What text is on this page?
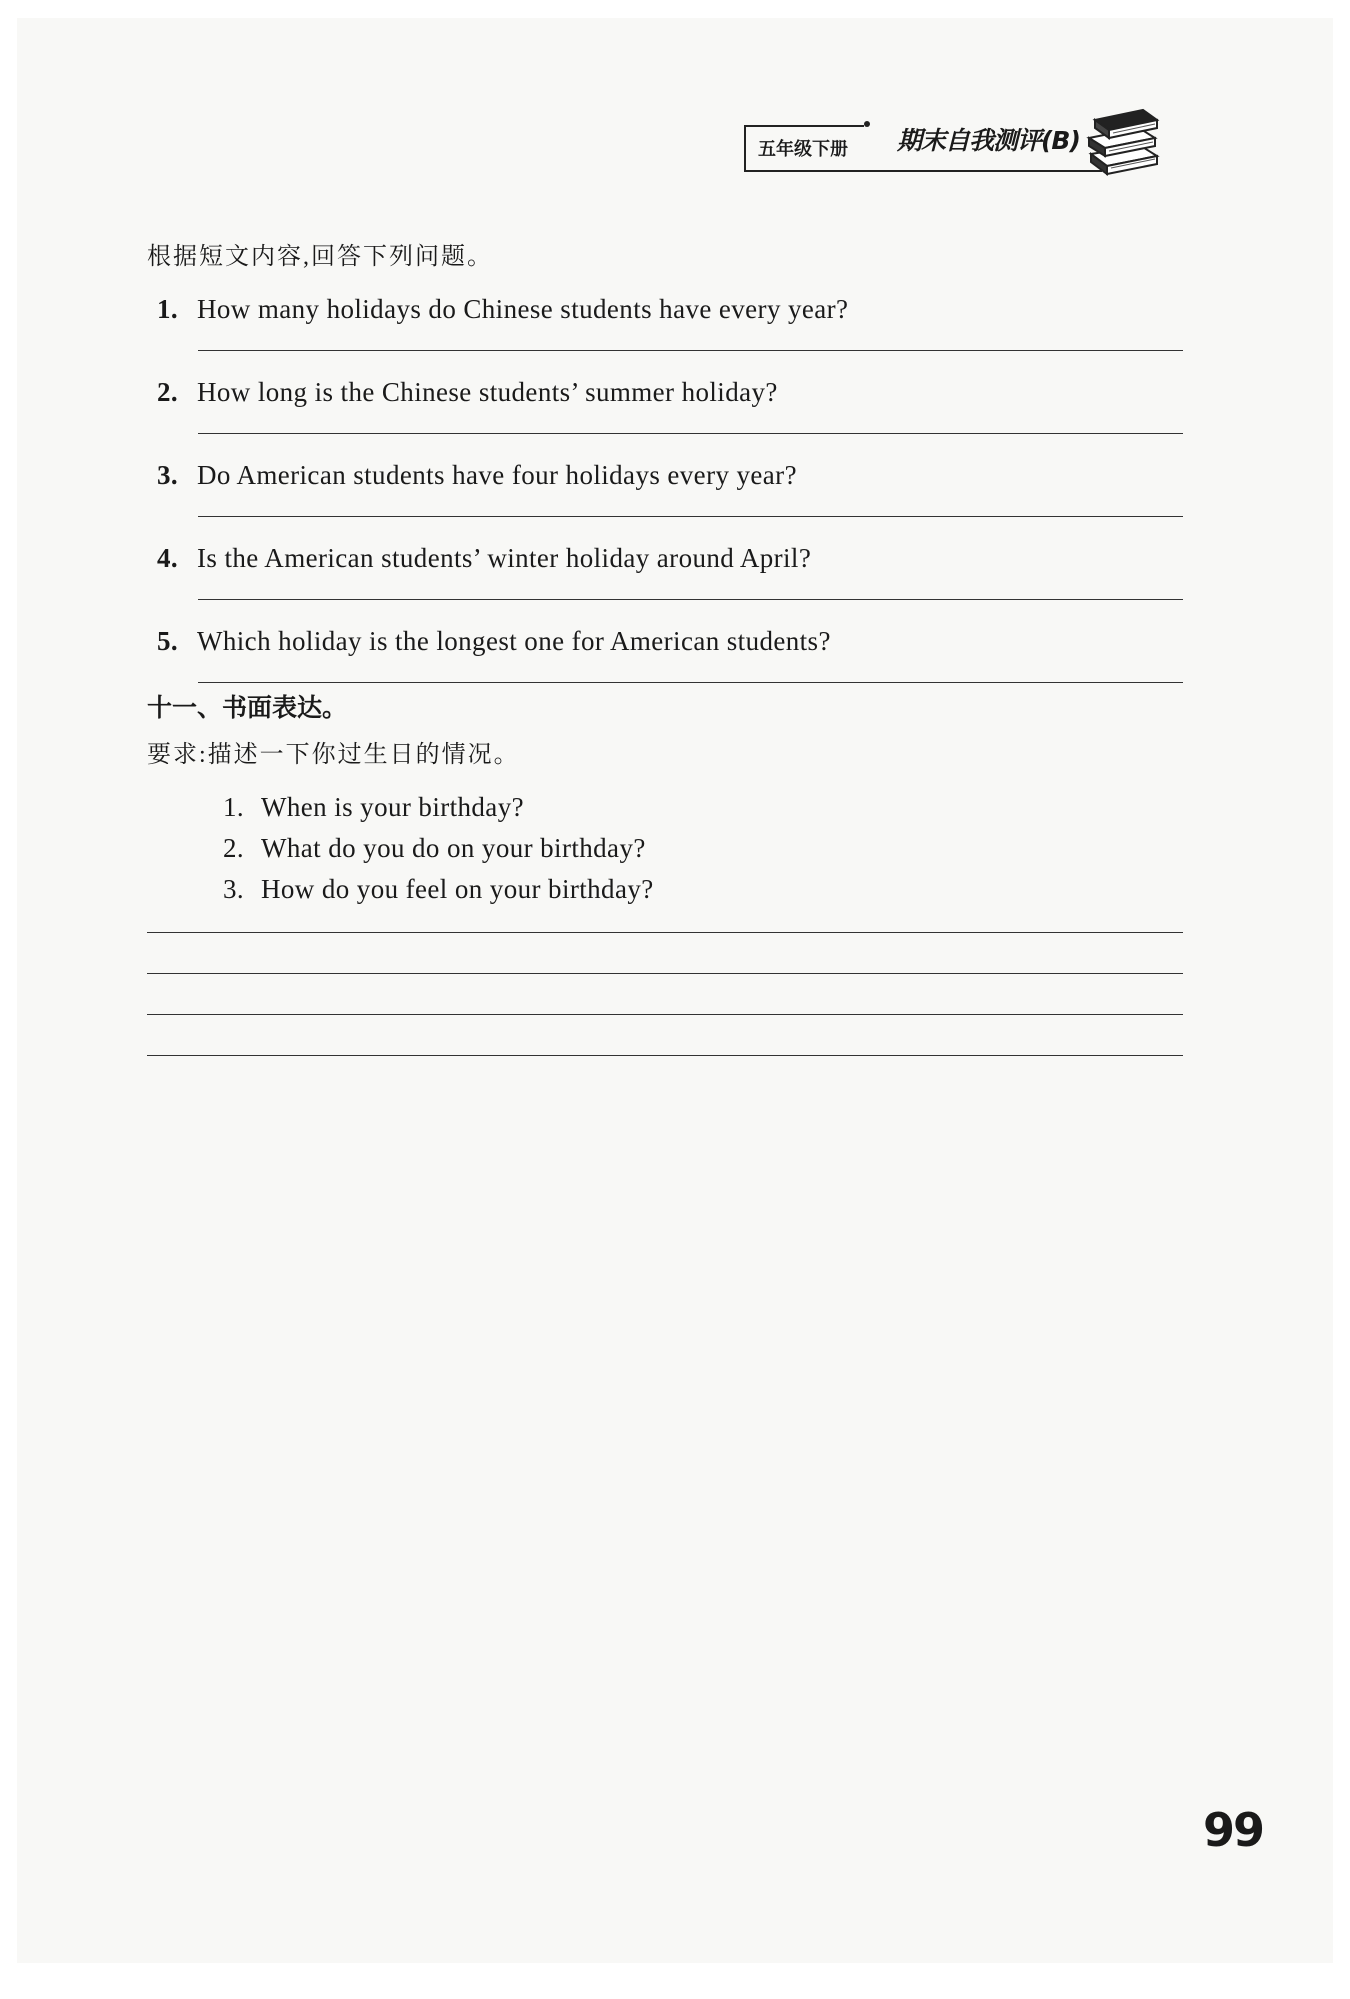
五年级下册	期末自我测评(B)
根据短文内容,回答下列问题。
1. How many holidays do Chinese students have every year?
2. How long is the Chinese students’ summer holiday?
3. Do American students have four holidays every year?
4. Is the American students’ winter holiday around April?
5. Which holiday is the longest one for American students?
十一、书面表达。
要求:描述一下你过生日的情况。
1. When is your birthday?
2. What do you do on your birthday?
3. How do you feel on your birthday?
99
